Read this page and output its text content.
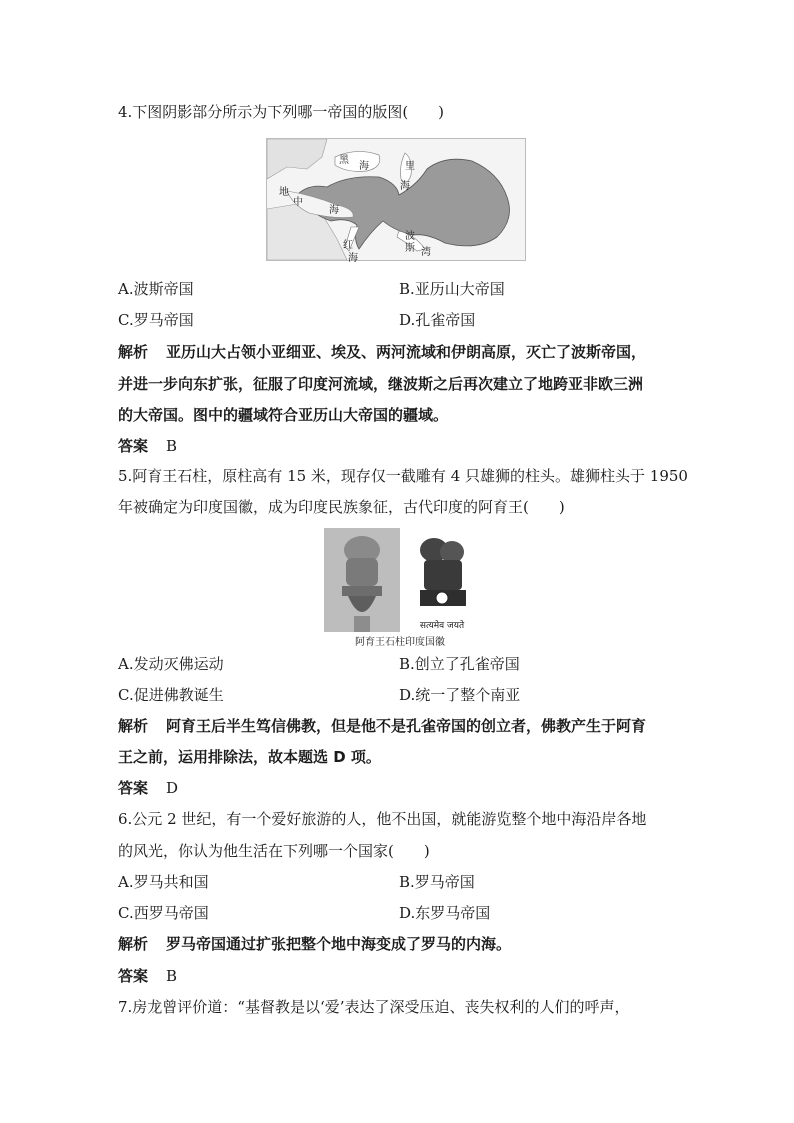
4.下图阴影部分所示为下列哪一帝国的版图(　　)
黑
海	里
海
地
中
海
红
海
波
斯 湾
A.波斯帝国	B.亚历山大帝国
C.罗马帝国	D.孔雀帝国
解析 亚历山大占领小亚细亚、埃及、两河流域和伊朗高原，灭亡了波斯帝国，
并进一步向东扩张，征服了印度河流域，继波斯之后再次建立了地跨亚非欧三洲
的大帝国。图中的疆域符合亚历山大帝国的疆域。
答案 B
5.阿育王石柱，原柱高有 15 米，现存仅一截雕有 4 只雄狮的柱头。雄狮柱头于 1950
年被确定为印度国徽，成为印度民族象征，古代印度的阿育王(　　)
सत्यमेव जयते
阿育王石柱印度国徽
A.发动灭佛运动	B.创立了孔雀帝国
C.促进佛教诞生	D.统一了整个南亚
解析 阿育王后半生笃信佛教，但是他不是孔雀帝国的创立者，佛教产生于阿育
王之前，运用排除法，故本题选 D 项。
答案 D
6.公元 2 世纪，有一个爱好旅游的人，他不出国，就能游览整个地中海沿岸各地
的风光，你认为他生活在下列哪一个国家(　　)
A.罗马共和国	B.罗马帝国
C.西罗马帝国	D.东罗马帝国
解析 罗马帝国通过扩张把整个地中海变成了罗马的内海。
答案 B
7.房龙曾评价道：“基督教是以‘爱’表达了深受压迫、丧失权利的人们的呼声，
